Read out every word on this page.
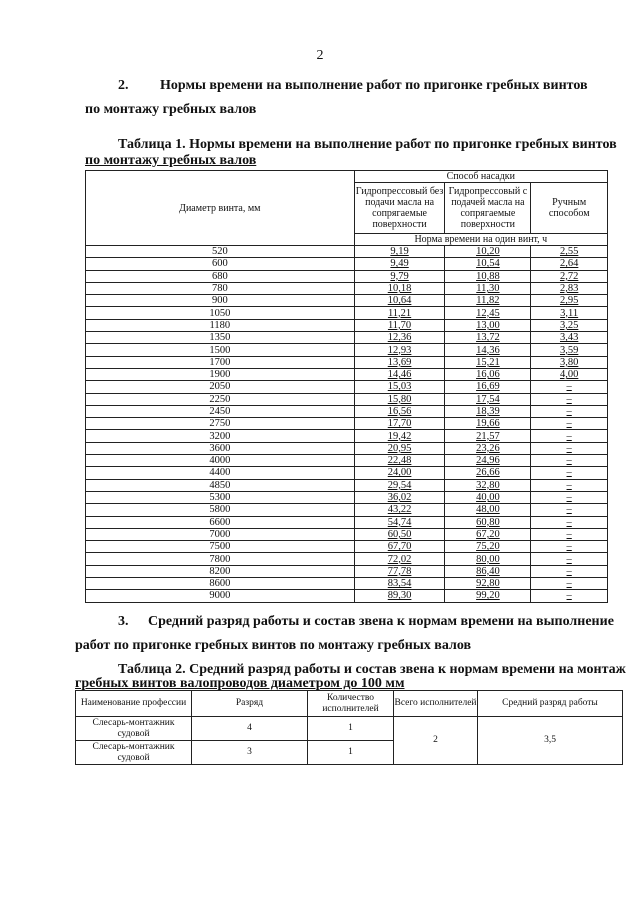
2
2. Нормы времени на выполнение работ по пригонке гребных винтов
по монтажу гребных валов
Таблица 1. Нормы времени на выполнение работ по пригонке гребных винтов
по монтажу гребных валов
Диаметр винта, мм	Способ насадки		
	Гидропрессовый без подачи масла на сопрягаемые поверхности	Гидропрессовый с подачей масла на сопрягаемые поверхности	Ручным способом
	Норма времени на один винт, ч		
520	9,19	10,20	2,55
600	9,49	10,54	2,64
680	9,79	10,88	2,72
780	10,18	11,30	2,83
900	10,64	11,82	2,95
1050	11,21	12,45	3,11
1180	11,70	13,00	3,25
1350	12,36	13,72	3,43
1500	12,93	14,36	3,59
1700	13,69	15,21	3,80
1900	14,46	16,06	4,00
2050	15,03	16,69	–
2250	15,80	17,54	–
2450	16,56	18,39	–
2750	17,70	19,66	–
3200	19,42	21,57	–
3600	20,95	23,26	–
4000	22,48	24,96	–
4400	24,00	26,66	–
4850	29,54	32,80	–
5300	36,02	40,00	–
5800	43,22	48,00	–
6600	54,74	60,80	–
7000	60,50	67,20	–
7500	67,70	75,20	–
7800	72,02	80,00	–
8200	77,78	86,40	–
8600	83,54	92,80	–
9000	89,30	99,20	–
3. Средний разряд работы и состав звена к нормам времени на выполнение
работ по пригонке гребных винтов по монтажу гребных валов
Таблица 2. Средний разряд работы и состав звена к нормам времени на монтаж
гребных винтов валопроводов диаметром до 100 мм
Наименование профессии	Разряд	Количество исполнителей	Всего исполнителей	Средний разряд работы
Слесарь-монтажник судовой	4	1	2	3,5
Слесарь-монтажник судовой	3	1		
